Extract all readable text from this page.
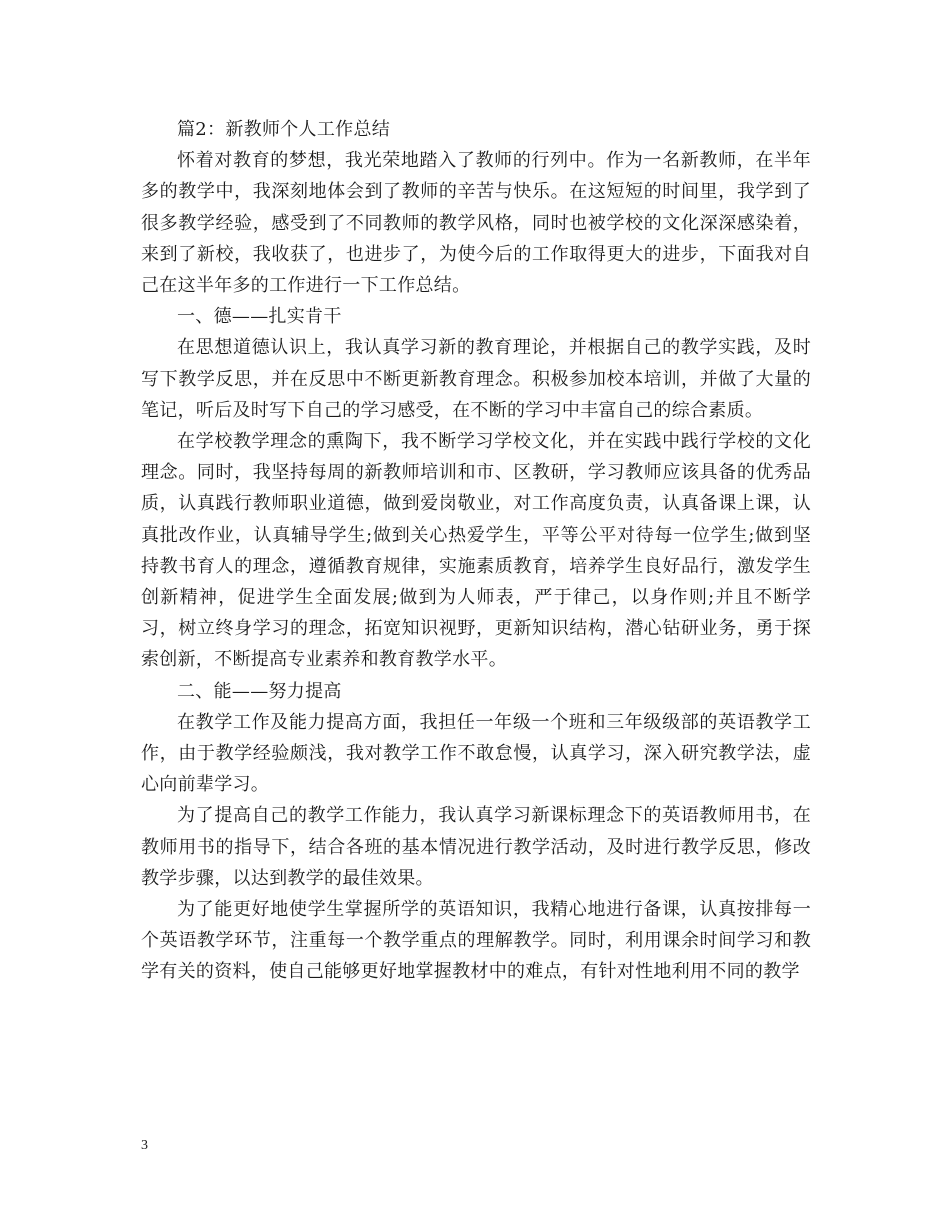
篇2：新教师个人工作总结

怀着对教育的梦想，我光荣地踏入了教师的行列中。作为一名新教师，在半年多的教学中，我深刻地体会到了教师的辛苦与快乐。在这短短的时间里，我学到了很多教学经验，感受到了不同教师的教学风格，同时也被学校的文化深深感染着，来到了新校，我收获了，也进步了，为使今后的工作取得更大的进步，下面我对自己在这半年多的工作进行一下工作总结。

一、德——扎实肯干

在思想道德认识上，我认真学习新的教育理论，并根据自己的教学实践，及时写下教学反思，并在反思中不断更新教育理念。积极参加校本培训，并做了大量的笔记，听后及时写下自己的学习感受，在不断的学习中丰富自己的综合素质。

在学校教学理念的熏陶下，我不断学习学校文化，并在实践中践行学校的文化理念。同时，我坚持每周的新教师培训和市、区教研，学习教师应该具备的优秀品质，认真践行教师职业道德，做到爱岗敬业，对工作高度负责，认真备课上课，认真批改作业，认真辅导学生;做到关心热爱学生，平等公平对待每一位学生;做到坚持教书育人的理念，遵循教育规律，实施素质教育，培养学生良好品行，激发学生创新精神，促进学生全面发展;做到为人师表，严于律己，以身作则;并且不断学习，树立终身学习的理念，拓宽知识视野，更新知识结构，潜心钻研业务，勇于探索创新，不断提高专业素养和教育教学水平。

二、能——努力提高

在教学工作及能力提高方面，我担任一年级一个班和三年级级部的英语教学工作，由于教学经验颇浅，我对教学工作不敢怠慢，认真学习，深入研究教学法，虚心向前辈学习。

为了提高自己的教学工作能力，我认真学习新课标理念下的英语教师用书，在教师用书的指导下，结合各班的基本情况进行教学活动，及时进行教学反思，修改教学步骤，以达到教学的最佳效果。

为了能更好地使学生掌握所学的英语知识，我精心地进行备课，认真按排每一个英语教学环节，注重每一个教学重点的理解教学。同时，利用课余时间学习和教学有关的资料，使自己能够更好地掌握教材中的难点，有针对性地利用不同的教学

3
